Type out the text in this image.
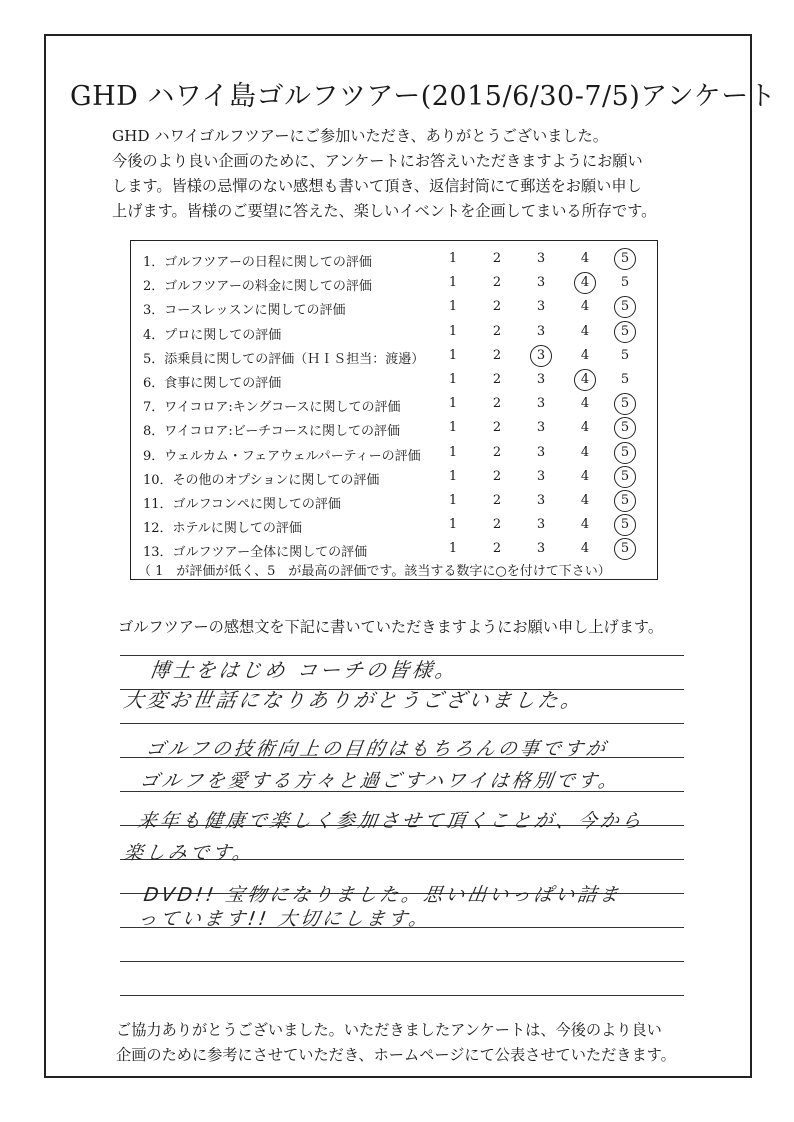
GHD ハワイ島ゴルフツアー(2015/6/30-7/5)アンケート
GHD ハワイゴルフツアーにご参加いただき、ありがとうございました。
今後のより良い企画のために、アンケートにお答えいただきますようにお願い
します。皆様の忌憚のない感想も書いて頂き、返信封筒にて郵送をお願い申し
上げます。皆様のご要望に答えた、楽しいイベントを企画してまいる所存です。
1．ゴルフツアーの日程に関しての評価	1	2	3	4	5
2．ゴルフツアーの料金に関しての評価	1	2	3	4	5
3．コースレッスンに関しての評価	1	2	3	4	5
4．プロに関しての評価	1	2	3	4	5
5．添乗員に関しての評価（ＨＩＳ担当：渡邉）	1	2	3	4	5
6．食事に関しての評価	1	2	3	4	5
7．ワイコロア:キングコースに関しての評価	1	2	3	4	5
8．ワイコロア:ビーチコースに関しての評価	1	2	3	4	5
9．ウェルカム・フェアウェルパーティーの評価	1	2	3	4	5
10．その他のオプションに関しての評価	1	2	3	4	5
11．ゴルフコンペに関しての評価	1	2	3	4	5
12．ホテルに関しての評価	1	2	3	4	5
13．ゴルフツアー全体に関しての評価	1	2	3	4	5
（ 1　が評価が低く、5　が最高の評価です。該当する数字に○を付けて下さい）
ゴルフツアーの感想文を下記に書いていただきますようにお願い申し上げます。
博士をはじめ コーチの皆様。
大変お世話になりありがとうございました。
ゴルフの技術向上の目的はもちろんの事ですが
ゴルフを愛する方々と過ごすハワイは格別です。
来年も健康で楽しく参加させて頂くことが、今から
楽しみです。
DVD!! 宝物になりました。思い出いっぱい詰ま
っています!! 大切にします。
ご協力ありがとうございました。いただきましたアンケートは、今後のより良い
企画のために参考にさせていただき、ホームページにて公表させていただきます。
